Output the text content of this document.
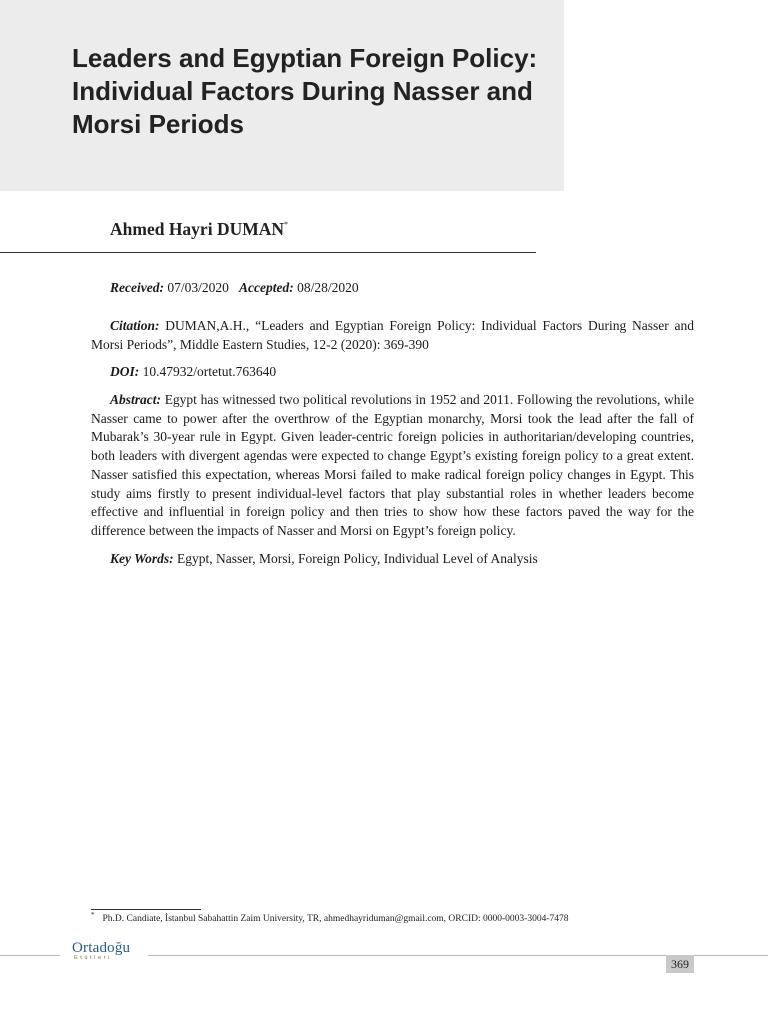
Leaders and Egyptian Foreign Policy: Individual Factors During Nasser and Morsi Periods
Ahmed Hayri DUMAN*
Received: 07/03/2020 Accepted: 08/28/2020

Citation: DUMAN,A.H., “Leaders and Egyptian Foreign Policy: Individual Factors During Nasser and Morsi Periods”, Middle Eastern Studies, 12-2 (2020): 369-390

DOI: 10.47932/ortetut.763640

Abstract: Egypt has witnessed two political revolutions in 1952 and 2011. Following the revolutions, while Nasser came to power after the overthrow of the Egyptian monarchy, Morsi took the lead after the fall of Mubarak’s 30-year rule in Egypt. Given leader-centric foreign policies in authoritarian/developing countries, both leaders with divergent agendas were expected to change Egypt’s existing foreign policy to a great extent. Nasser satisfied this expectation, whereas Morsi failed to make radical foreign policy changes in Egypt. This study aims firstly to present individual-level factors that play substantial roles in whether leaders become effective and influential in foreign policy and then tries to show how these factors paved the way for the difference between the impacts of Nasser and Morsi on Egypt’s foreign policy.

Key Words: Egypt, Nasser, Morsi, Foreign Policy, Individual Level of Analysis

* Ph.D. Candiate, İstanbul Sabahattin Zaim University, TR, ahmedhayriduman@gmail.com, ORCID: 0000-0003-3004-7478
Ortadoğu
Etütleri	369
